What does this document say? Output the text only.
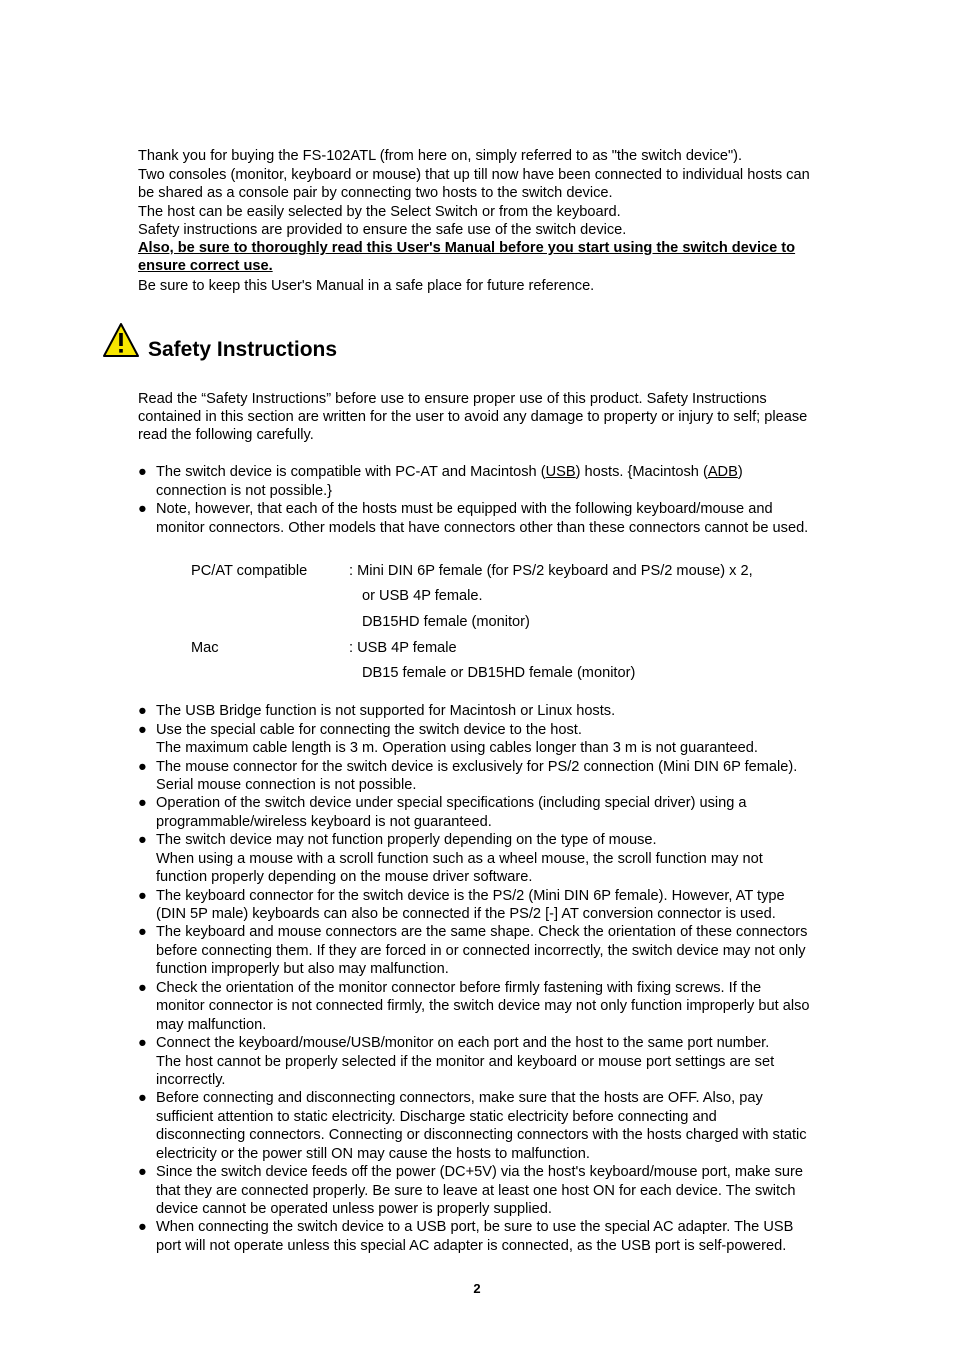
Thank you for buying the FS-102ATL (from here on, simply referred to as "the switch device").
Two consoles (monitor, keyboard or mouse) that up till now have been connected to individual hosts can
be shared as a console pair by connecting two hosts to the switch device.
The host can be easily selected by the Select Switch or from the keyboard.
Safety instructions are provided to ensure the safe use of the switch device.
Also, be sure to thoroughly read this User's Manual before you start using the switch device to
ensure correct use.
Be sure to keep this User's Manual in a safe place for future reference.
Safety Instructions
Read the “Safety Instructions” before use to ensure proper use of this product. Safety Instructions
contained in this section are written for the user to avoid any damage to property or injury to self; please
read the following carefully.
● The switch device is compatible with PC-AT and Macintosh (USB) hosts. {Macintosh (ADB)
connection is not possible.}
● Note, however, that each of the hosts must be equipped with the following keyboard/mouse and
monitor connectors. Other models that have connectors other than these connectors cannot be used.
PC/AT compatible	: Mini DIN 6P female (for PS/2 keyboard and PS/2 mouse) x 2,
or USB 4P female.
DB15HD female (monitor)
Mac	: USB 4P female
DB15 female or DB15HD female (monitor)
● The USB Bridge function is not supported for Macintosh or Linux hosts.
● Use the special cable for connecting the switch device to the host.
The maximum cable length is 3 m. Operation using cables longer than 3 m is not guaranteed.
● The mouse connector for the switch device is exclusively for PS/2 connection (Mini DIN 6P female).
Serial mouse connection is not possible.
● Operation of the switch device under special specifications (including special driver) using a
programmable/wireless keyboard is not guaranteed.
● The switch device may not function properly depending on the type of mouse.
When using a mouse with a scroll function such as a wheel mouse, the scroll function may not
function properly depending on the mouse driver software.
● The keyboard connector for the switch device is the PS/2 (Mini DIN 6P female). However, AT type
(DIN 5P male) keyboards can also be connected if the PS/2 [-] AT conversion connector is used.
● The keyboard and mouse connectors are the same shape. Check the orientation of these connectors
before connecting them. If they are forced in or connected incorrectly, the switch device may not only
function improperly but also may malfunction.
● Check the orientation of the monitor connector before firmly fastening with fixing screws. If the
monitor connector is not connected firmly, the switch device may not only function improperly but also
may malfunction.
● Connect the keyboard/mouse/USB/monitor on each port and the host to the same port number.
The host cannot be properly selected if the monitor and keyboard or mouse port settings are set
incorrectly.
● Before connecting and disconnecting connectors, make sure that the hosts are OFF. Also, pay
sufficient attention to static electricity. Discharge static electricity before connecting and
disconnecting connectors. Connecting or disconnecting connectors with the hosts charged with static
electricity or the power still ON may cause the hosts to malfunction.
● Since the switch device feeds off the power (DC+5V) via the host's keyboard/mouse port, make sure
that they are connected properly. Be sure to leave at least one host ON for each device. The switch
device cannot be operated unless power is properly supplied.
● When connecting the switch device to a USB port, be sure to use the special AC adapter. The USB
port will not operate unless this special AC adapter is connected, as the USB port is self-powered.
2
